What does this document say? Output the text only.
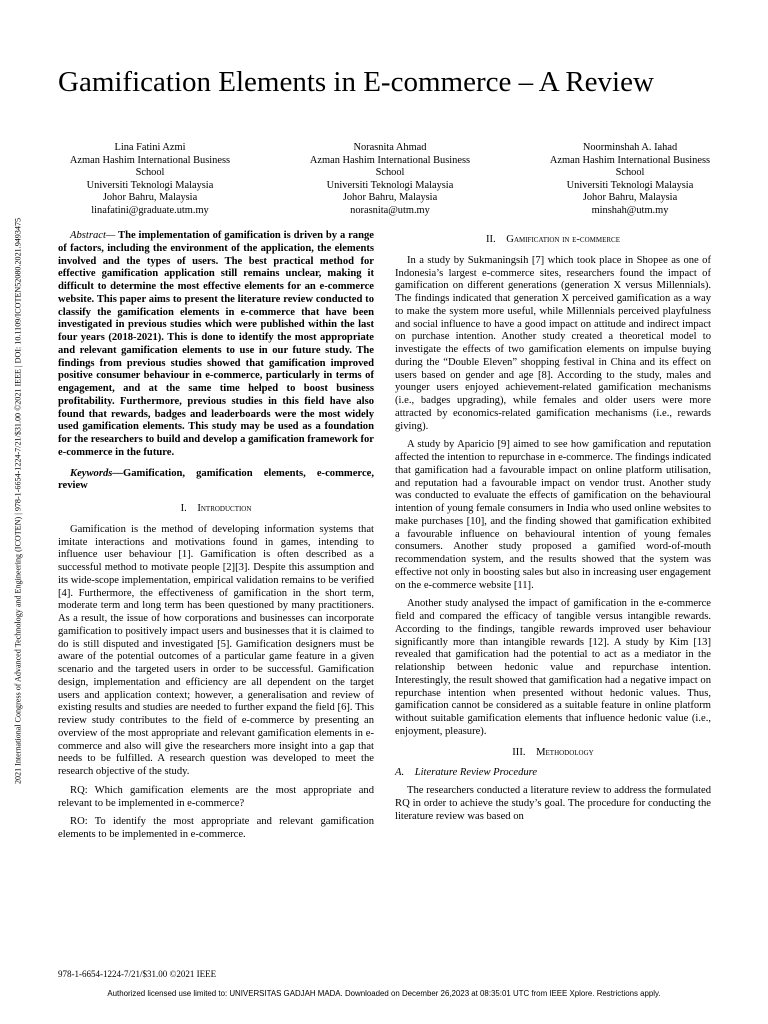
2021 International Congress of Advanced Technology and Engineering (ICOTEN) | 978-1-6654-1224-7/21/$31.00 ©2021 IEEE | DOI: 10.1109/ICOTEN52080.2021.9493475
Gamification Elements in E-commerce – A Review
Lina Fatini Azmi
Azman Hashim International Business
School
Universiti Teknologi Malaysia
Johor Bahru, Malaysia
linafatini@graduate.utm.my
Norasnita Ahmad
Azman Hashim International Business
School
Universiti Teknologi Malaysia
Johor Bahru, Malaysia
norasnita@utm.my
Noorminshah A. Iahad
Azman Hashim International Business
School
Universiti Teknologi Malaysia
Johor Bahru, Malaysia
minshah@utm.my

Abstract— The implementation of gamification is driven by a range of factors, including the environment of the application, the elements involved and the types of users. The best practical method for effective gamification application still remains unclear, making it difficult to determine the most effective elements for an e-commerce website. This paper aims to present the literature review conducted to classify the gamification elements in e-commerce that have been investigated in previous studies which were published within the last four years (2018-2021). This is done to identify the most appropriate and relevant gamification elements to use in our future study. The findings from previous studies showed that gamification improved positive consumer behaviour in e-commerce, particularly in terms of engagement, and at the same time helped to boost business profitability. Furthermore, previous studies in this field have also found that rewards, badges and leaderboards were the most widely used gamification elements. This study may be used as a foundation for the researchers to build and develop a gamification framework for e-commerce in the future.

Keywords—Gamification, gamification elements, e-commerce, review

I. Introduction

Gamification is the method of developing information systems that imitate interactions and motivations found in games, intending to influence user behaviour [1]. Gamification is often described as a successful method to motivate people [2][3]. Despite this assumption and its wide-scope implementation, empirical validation remains to be verified [4]. Furthermore, the effectiveness of gamification in the short term, moderate term and long term has been questioned by many practitioners. As a result, the issue of how corporations and businesses can incorporate gamification to positively impact users and businesses that it is claimed to do is still disputed and investigated [5]. Gamification designers must be aware of the potential outcomes of a particular game feature in a given scenario and the targeted users in order to be successful. Gamification design, implementation and efficiency are all dependent on the target users and application context; however, a generalisation and review of existing results and studies are needed to further expand the field [6]. This review study contributes to the field of e-commerce by presenting an overview of the most appropriate and relevant gamification elements in e-commerce and also will give the researchers more insight into a gap that needs to be fulfilled. A research question was developed to meet the research objective of the study.

RQ: Which gamification elements are the most appropriate and relevant to be implemented in e-commerce?

RO: To identify the most appropriate and relevant gamification elements to be implemented in e-commerce.

II. Gamification in e-commerce

In a study by Sukmaningsih [7] which took place in Shopee as one of Indonesia’s largest e-commerce sites, researchers found the impact of gamification on different generations (generation X versus Millennials). The findings indicated that generation X perceived gamification as a way to make the system more useful, while Millennials perceived playfulness and social influence to have a good impact on attitude and indirect impact on purchase intention. Another study created a theoretical model to investigate the effects of two gamification elements on impulse buying during the “Double Eleven” shopping festival in China and its effect on users based on gender and age [8]. According to the study, males and younger users enjoyed achievement-related gamification mechanisms (i.e., badges upgrading), while females and older users were more attracted by economics-related gamification mechanisms (i.e., rewards giving).

A study by Aparicio [9] aimed to see how gamification and reputation affected the intention to repurchase in e-commerce. The findings indicated that gamification had a favourable impact on online platform utilisation, and reputation had a favourable impact on vendor trust. Another study was conducted to evaluate the effects of gamification on the behavioural intention of young female consumers in India who used online websites to make purchases [10], and the finding showed that gamification exhibited a favourable influence on behavioural intention of young females consumers. Another study proposed a gamified word-of-mouth recommendation system, and the results showed that the system was effective not only in boosting sales but also in increasing user engagement on the e-commerce website [11].

Another study analysed the impact of gamification in the e-commerce field and compared the efficacy of tangible versus intangible rewards. According to the findings, tangible rewards improved user behaviour significantly more than intangible rewards [12]. A study by Kim [13] revealed that gamification had the potential to act as a mediator in the relationship between hedonic value and repurchase intention. Interestingly, the result showed that gamification had a negative impact on repurchase intention when presented without hedonic values. Thus, gamification cannot be considered as a suitable feature in online platform without suitable gamification elements that influence hedonic value (i.e., enjoyment, pleasure).

III. Methodology
A. Literature Review Procedure

The researchers conducted a literature review to address the formulated RQ in order to achieve the study’s goal. The procedure for conducting the literature review was based on

978-1-6654-1224-7/21/$31.00 ©2021 IEEE
Authorized licensed use limited to: UNIVERSITAS GADJAH MADA. Downloaded on December 26,2023 at 08:35:01 UTC from IEEE Xplore. Restrictions apply.
